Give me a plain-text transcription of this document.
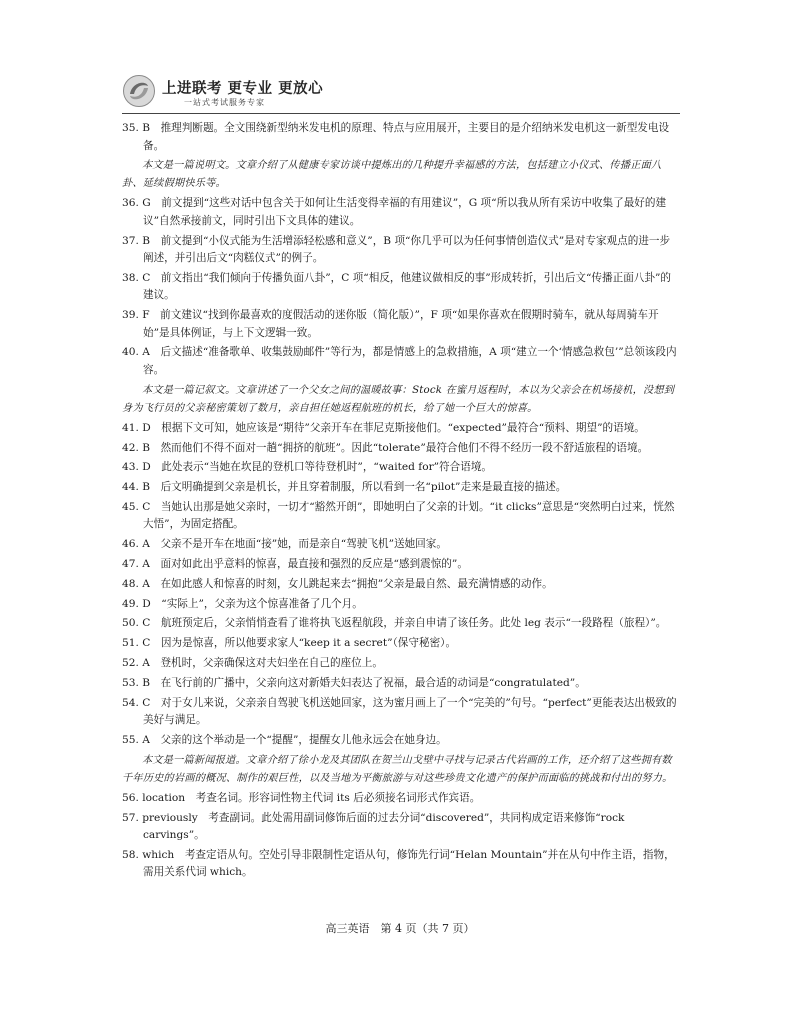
上进联考 更专业 更放心
一站式考试服务专家
35. B　推理判断题。全文围绕新型纳米发电机的原理、特点与应用展开，主要目的是介绍纳米发电机这一新型发电设备。
本文是一篇说明文。文章介绍了从健康专家访谈中提炼出的几种提升幸福感的方法，包括建立小仪式、传播正面八卦、延续假期快乐等。
36. G　前文提到“这些对话中包含关于如何让生活变得幸福的有用建议”，G 项“所以我从所有采访中收集了最好的建议”自然承接前文，同时引出下文具体的建议。
37. B　前文提到“小仪式能为生活增添轻松感和意义”，B 项“你几乎可以为任何事情创造仪式”是对专家观点的进一步阐述，并引出后文“肉糕仪式”的例子。
38. C　前文指出“我们倾向于传播负面八卦”，C 项“相反，他建议做相反的事”形成转折，引出后文“传播正面八卦”的建议。
39. F　前文建议“找到你最喜欢的度假活动的迷你版（简化版）”，F 项“如果你喜欢在假期时骑车，就从每周骑车开始”是具体例证，与上下文逻辑一致。
40. A　后文描述“准备歌单、收集鼓励邮件”等行为，都是情感上的急救措施，A 项“建立一个‘情感急救包’”总领该段内容。
本文是一篇记叙文。文章讲述了一个父女之间的温暖故事：Stock 在蜜月返程时，本以为父亲会在机场接机，没想到身为飞行员的父亲秘密策划了数月，亲自担任她返程航班的机长，给了她一个巨大的惊喜。
41. D　根据下文可知，她应该是“期待”父亲开车在菲尼克斯接他们。“expected”最符合“预料、期望”的语境。
42. B　然而他们不得不面对一趟“拥挤的航班”。因此“tolerate”最符合他们不得不经历一段不舒适旅程的语境。
43. D　此处表示“当她在坎昆的登机口等待登机时”，“waited for”符合语境。
44. B　后文明确提到父亲是机长，并且穿着制服，所以看到一名“pilot”走来是最直接的描述。
45. C　当她认出那是她父亲时，一切才“豁然开朗”，即她明白了父亲的计划。“it clicks”意思是“突然明白过来，恍然大悟”，为固定搭配。
46. A　父亲不是开车在地面“接”她，而是亲自“驾驶飞机”送她回家。
47. A　面对如此出乎意料的惊喜，最直接和强烈的反应是“感到震惊的”。
48. A　在如此感人和惊喜的时刻，女儿跳起来去“拥抱”父亲是最自然、最充满情感的动作。
49. D　“实际上”，父亲为这个惊喜准备了几个月。
50. C　航班预定后，父亲悄悄查看了谁将执飞返程航段，并亲自申请了该任务。此处 leg 表示“一段路程（旅程）”。
51. C　因为是惊喜，所以他要求家人“keep it a secret”（保守秘密）。
52. A　登机时，父亲确保这对夫妇坐在自己的座位上。
53. B　在飞行前的广播中，父亲向这对新婚夫妇表达了祝福，最合适的动词是“congratulated”。
54. C　对于女儿来说，父亲亲自驾驶飞机送她回家，这为蜜月画上了一个“完美的”句号。“perfect”更能表达出极致的美好与满足。
55. A　父亲的这个举动是一个“提醒”，提醒女儿他永远会在她身边。
本文是一篇新闻报道。文章介绍了徐小龙及其团队在贺兰山戈壁中寻找与记录古代岩画的工作，还介绍了这些拥有数千年历史的岩画的概况、制作的艰巨性，以及当地为平衡旅游与对这些珍贵文化遗产的保护而面临的挑战和付出的努力。
56. location　考查名词。形容词性物主代词 its 后必须接名词形式作宾语。
57. previously　考查副词。此处需用副词修饰后面的过去分词“discovered”，共同构成定语来修饰“rock carvings”。
58. which　考查定语从句。空处引导非限制性定语从句，修饰先行词“Helan Mountain”并在从句中作主语，指物，需用关系代词 which。
高三英语　第 4 页（共 7 页）
